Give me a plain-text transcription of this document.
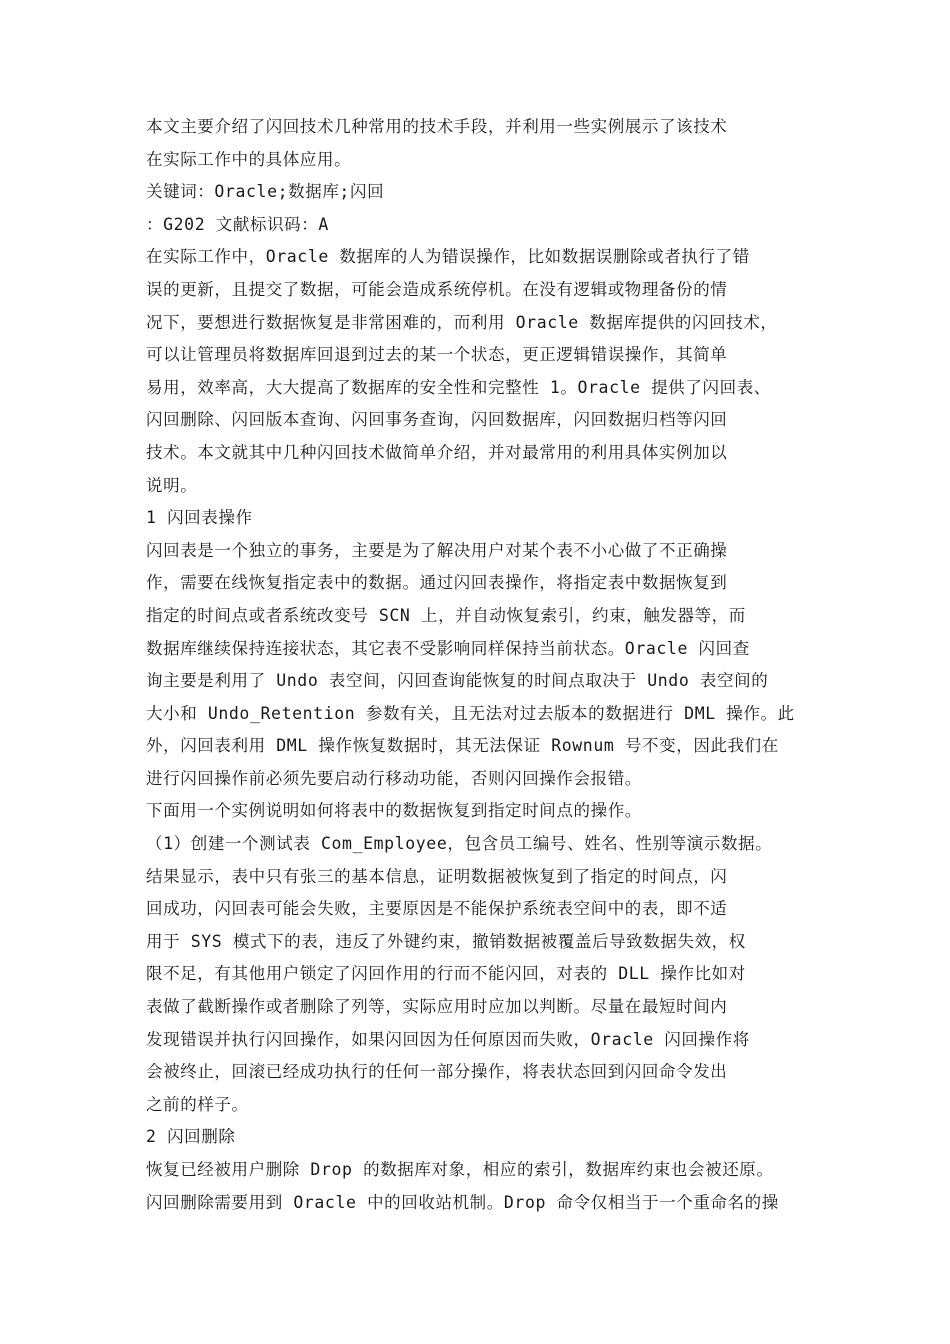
本文主要介绍了闪回技术几种常用的技术手段，并利用一些实例展示了该技术
在实际工作中的具体应用。
关键词：Oracle;数据库;闪回
：G202 文献标识码：A
在实际工作中，Oracle 数据库的人为错误操作，比如数据误删除或者执行了错
误的更新，且提交了数据，可能会造成系统停机。在没有逻辑或物理备份的情
况下，要想进行数据恢复是非常困难的，而利用 Oracle 数据库提供的闪回技术，
可以让管理员将数据库回退到过去的某一个状态，更正逻辑错误操作，其简单
易用，效率高，大大提高了数据库的安全性和完整性 1。Oracle 提供了闪回表、
闪回删除、闪回版本查询、闪回事务查询，闪回数据库，闪回数据归档等闪回
技术。本文就其中几种闪回技术做简单介绍，并对最常用的利用具体实例加以
说明。
1 闪回表操作
闪回表是一个独立的事务，主要是为了解决用户对某个表不小心做了不正确操
作，需要在线恢复指定表中的数据。通过闪回表操作，将指定表中数据恢复到
指定的时间点或者系统改变号 SCN 上，并自动恢复索引，约束，触发器等，而
数据库继续保持连接状态，其它表不受影响同样保持当前状态。Oracle 闪回查
询主要是利用了 Undo 表空间，闪回查询能恢复的时间点取决于 Undo 表空间的
大小和 Undo_Retention 参数有关，且无法对过去版本的数据进行 DML 操作。此
外，闪回表利用 DML 操作恢复数据时，其无法保证 Rownum 号不变，因此我们在
进行闪回操作前必须先要启动行移动功能，否则闪回操作会报错。
下面用一个实例说明如何将表中的数据恢复到指定时间点的操作。
（1）创建一个测试表 Com_Employee，包含员工编号、姓名、性别等演示数据。
结果显示，表中只有张三的基本信息，证明数据被恢复到了指定的时间点，闪
回成功，闪回表可能会失败，主要原因是不能保护系统表空间中的表，即不适
用于 SYS 模式下的表，违反了外键约束，撤销数据被覆盖后导致数据失效，权
限不足，有其他用户锁定了闪回作用的行而不能闪回，对表的 DLL 操作比如对
表做了截断操作或者删除了列等，实际应用时应加以判断。尽量在最短时间内
发现错误并执行闪回操作，如果闪回因为任何原因而失败，Oracle 闪回操作将
会被终止，回滚已经成功执行的任何一部分操作，将表状态回到闪回命令发出
之前的样子。
2 闪回删除
恢复已经被用户删除 Drop 的数据库对象，相应的索引，数据库约束也会被还原。
闪回删除需要用到 Oracle 中的回收站机制。Drop 命令仅相当于一个重命名的操
